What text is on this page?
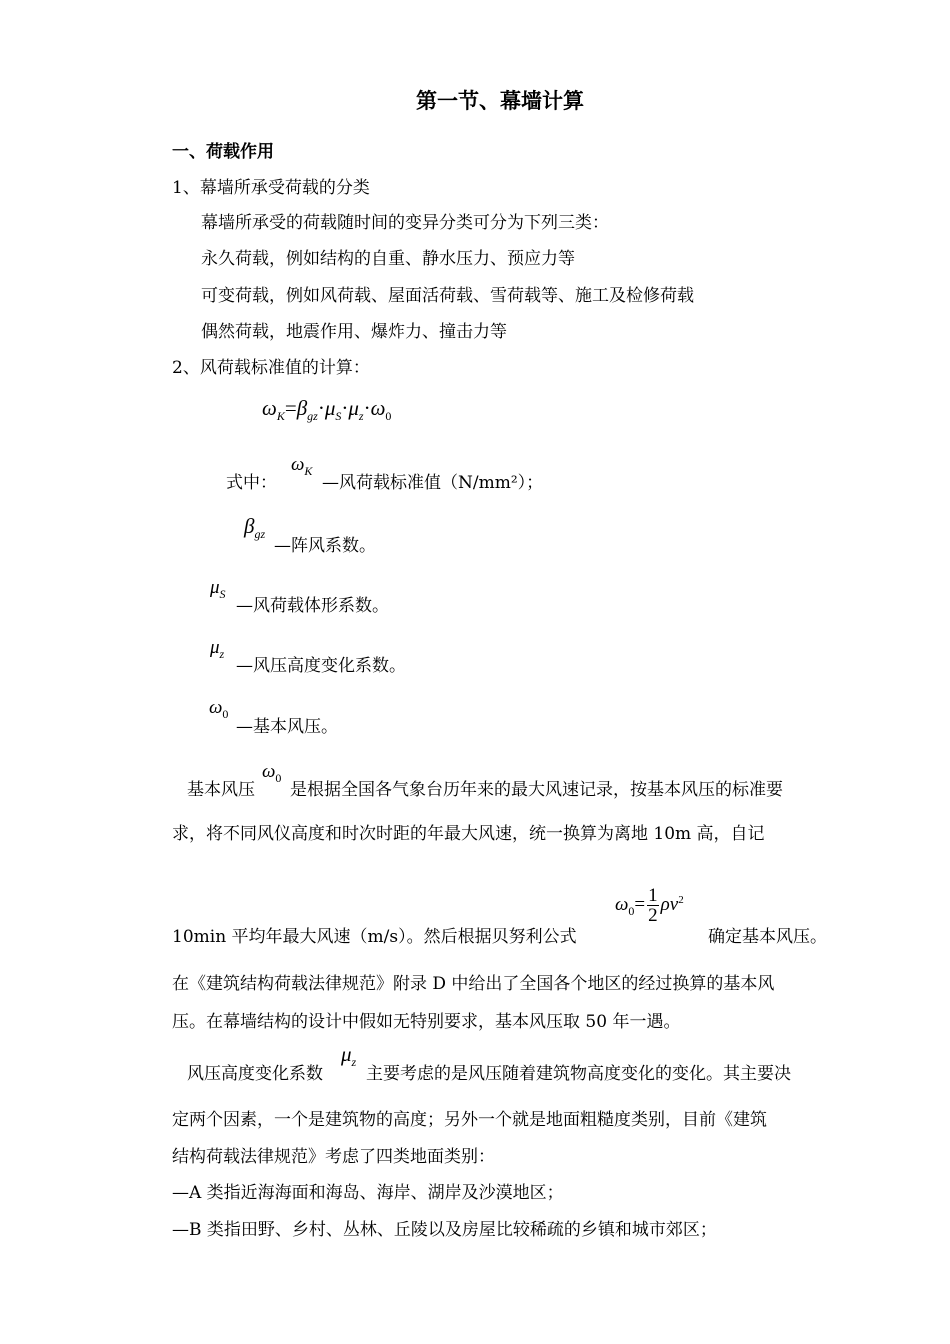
第一节、幕墙计算
一、荷载作用
1、幕墙所承受荷载的分类
幕墙所承受的荷载随时间的变异分类可分为下列三类：
永久荷载，例如结构的自重、静水压力、预应力等
可变荷载，例如风荷载、屋面活荷载、雪荷载等、施工及检修荷载
偶然荷载，地震作用、爆炸力、撞击力等
2、风荷载标准值的计算：
$\omega_K=\beta_{gz}\cdot\mu_S\cdot\mu_z\cdot\omega_0$
式中：
$\omega_K$
—风荷载标准值（N/mm²）；
$\beta_{gz}$
—阵风系数。
$\mu_S$
—风荷载体形系数。
$\mu_z$
—风压高度变化系数。
$\omega_0$
—基本风压。
基本风压
$\omega_0$
是根据全国各气象台历年来的最大风速记录，按基本风压的标准要
求，将不同风仪高度和时次时距的年最大风速，统一换算为离地 10m 高，自记
$\omega_0= \frac{1}{2} \rho v^2$
10min 平均年最大风速（m/s）。然后根据贝努利公式	确定基本风压。
在《建筑结构荷载法律规范》附录 D 中给出了全国各个地区的经过换算的基本风
压。在幕墙结构的设计中假如无特别要求，基本风压取 50 年一遇。
风压高度变化系数
$\mu_z$
主要考虑的是风压随着建筑物高度变化的变化。其主要决
定两个因素，一个是建筑物的高度；另外一个就是地面粗糙度类别，目前《建筑
结构荷载法律规范》考虑了四类地面类别：
—A 类指近海海面和海岛、海岸、湖岸及沙漠地区；
—B 类指田野、乡村、丛林、丘陵以及房屋比较稀疏的乡镇和城市郊区；
